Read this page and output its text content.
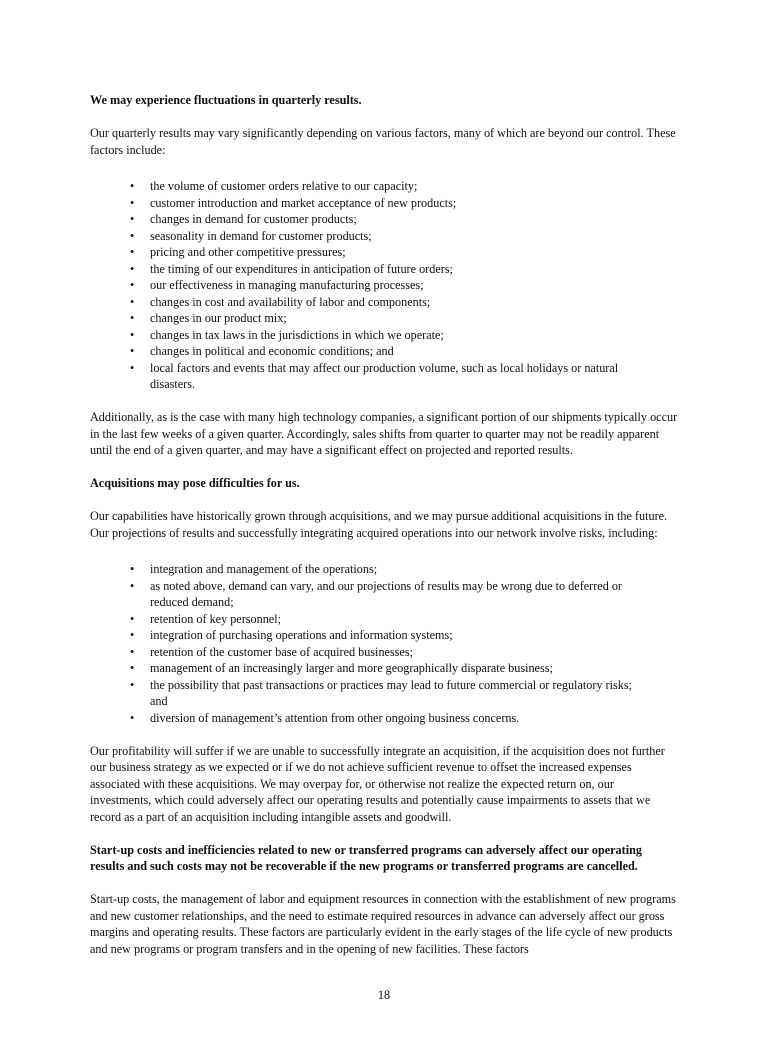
We may experience fluctuations in quarterly results.

Our quarterly results may vary significantly depending on various factors, many of which are beyond our control. These factors include:

• the volume of customer orders relative to our capacity;
• customer introduction and market acceptance of new products;
• changes in demand for customer products;
• seasonality in demand for customer products;
• pricing and other competitive pressures;
• the timing of our expenditures in anticipation of future orders;
• our effectiveness in managing manufacturing processes;
• changes in cost and availability of labor and components;
• changes in our product mix;
• changes in tax laws in the jurisdictions in which we operate;
• changes in political and economic conditions; and
• local factors and events that may affect our production volume, such as local holidays or natural disasters.

Additionally, as is the case with many high technology companies, a significant portion of our shipments typically occur in the last few weeks of a given quarter. Accordingly, sales shifts from quarter to quarter may not be readily apparent until the end of a given quarter, and may have a significant effect on projected and reported results.

Acquisitions may pose difficulties for us.

Our capabilities have historically grown through acquisitions, and we may pursue additional acquisitions in the future. Our projections of results and successfully integrating acquired operations into our network involve risks, including:

• integration and management of the operations;
• as noted above, demand can vary, and our projections of results may be wrong due to deferred or reduced demand;
• retention of key personnel;
• integration of purchasing operations and information systems;
• retention of the customer base of acquired businesses;
• management of an increasingly larger and more geographically disparate business;
• the possibility that past transactions or practices may lead to future commercial or regulatory risks; and
• diversion of management’s attention from other ongoing business concerns.

Our profitability will suffer if we are unable to successfully integrate an acquisition, if the acquisition does not further our business strategy as we expected or if we do not achieve sufficient revenue to offset the increased expenses associated with these acquisitions. We may overpay for, or otherwise not realize the expected return on, our investments, which could adversely affect our operating results and potentially cause impairments to assets that we record as a part of an acquisition including intangible assets and goodwill.

Start-up costs and inefficiencies related to new or transferred programs can adversely affect our operating results and such costs may not be recoverable if the new programs or transferred programs are cancelled.

Start-up costs, the management of labor and equipment resources in connection with the establishment of new programs and new customer relationships, and the need to estimate required resources in advance can adversely affect our gross margins and operating results. These factors are particularly evident in the early stages of the life cycle of new products and new programs or program transfers and in the opening of new facilities. These factors

18
